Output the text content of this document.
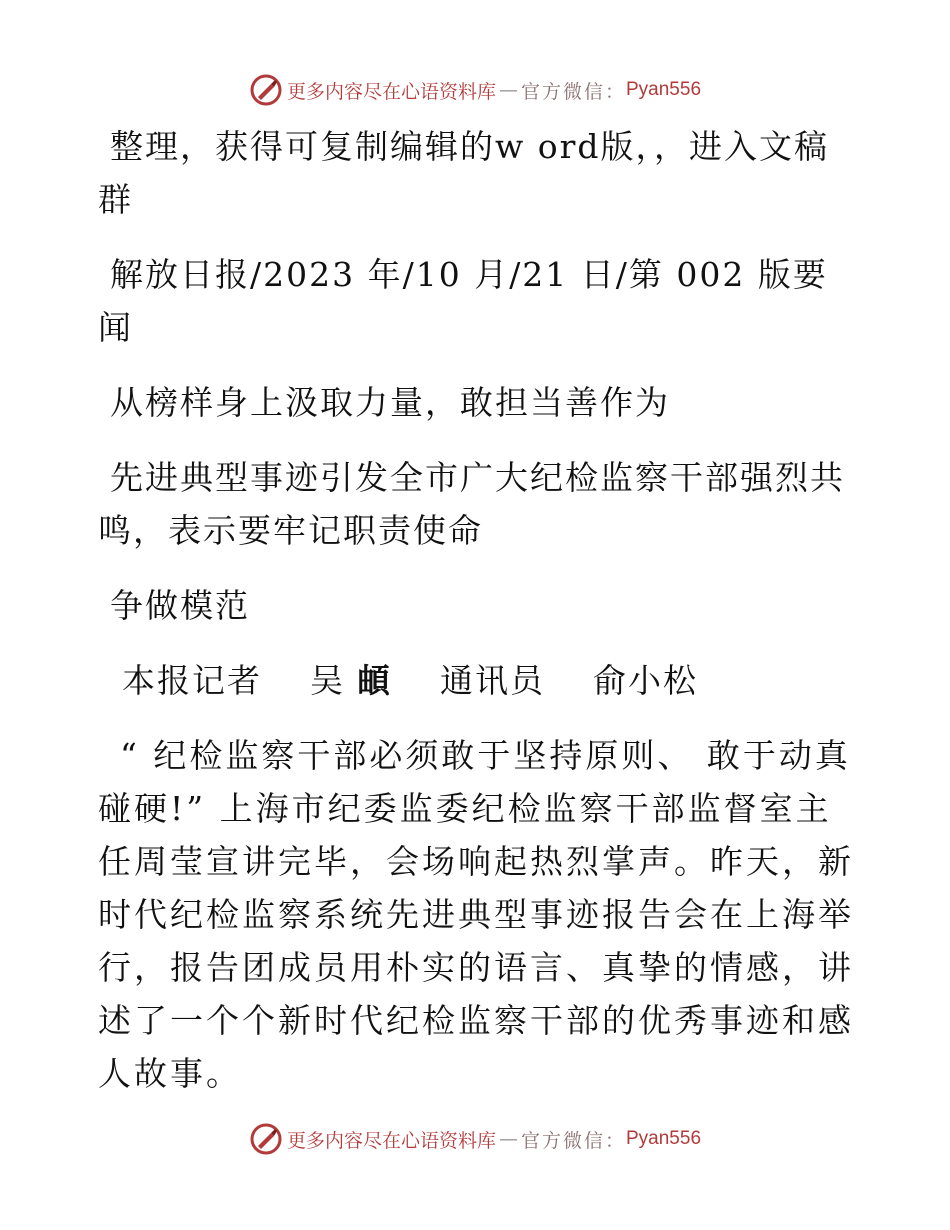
更多内容尽在心语资料库 — 官方微信： Pyan556

整理，获得可复制编辑的w ord版，，进入文稿群

解放日报/2023 年/10 月/21 日/第 002 版要闻

从榜样身上汲取力量，敢担当善作为

先进典型事迹引发全市广大纪检监察干部强烈共鸣，表示要牢记职责使命

争做模范

本报记者 吴 頔 通讯员 俞小松

“ 纪检监察干部必须敢于坚持原则、 敢于动真碰硬!” 上海市纪委监委纪检监察干部监督室主任周莹宣讲完毕，会场响起热烈掌声。昨天，新时代纪检监察系统先进典型事迹报告会在上海举行，报告团成员用朴实的语言、真挚的情感，讲述了一个个新时代纪检监察干部的优秀事迹和感人故事。

更多内容尽在心语资料库 — 官方微信： Pyan556
